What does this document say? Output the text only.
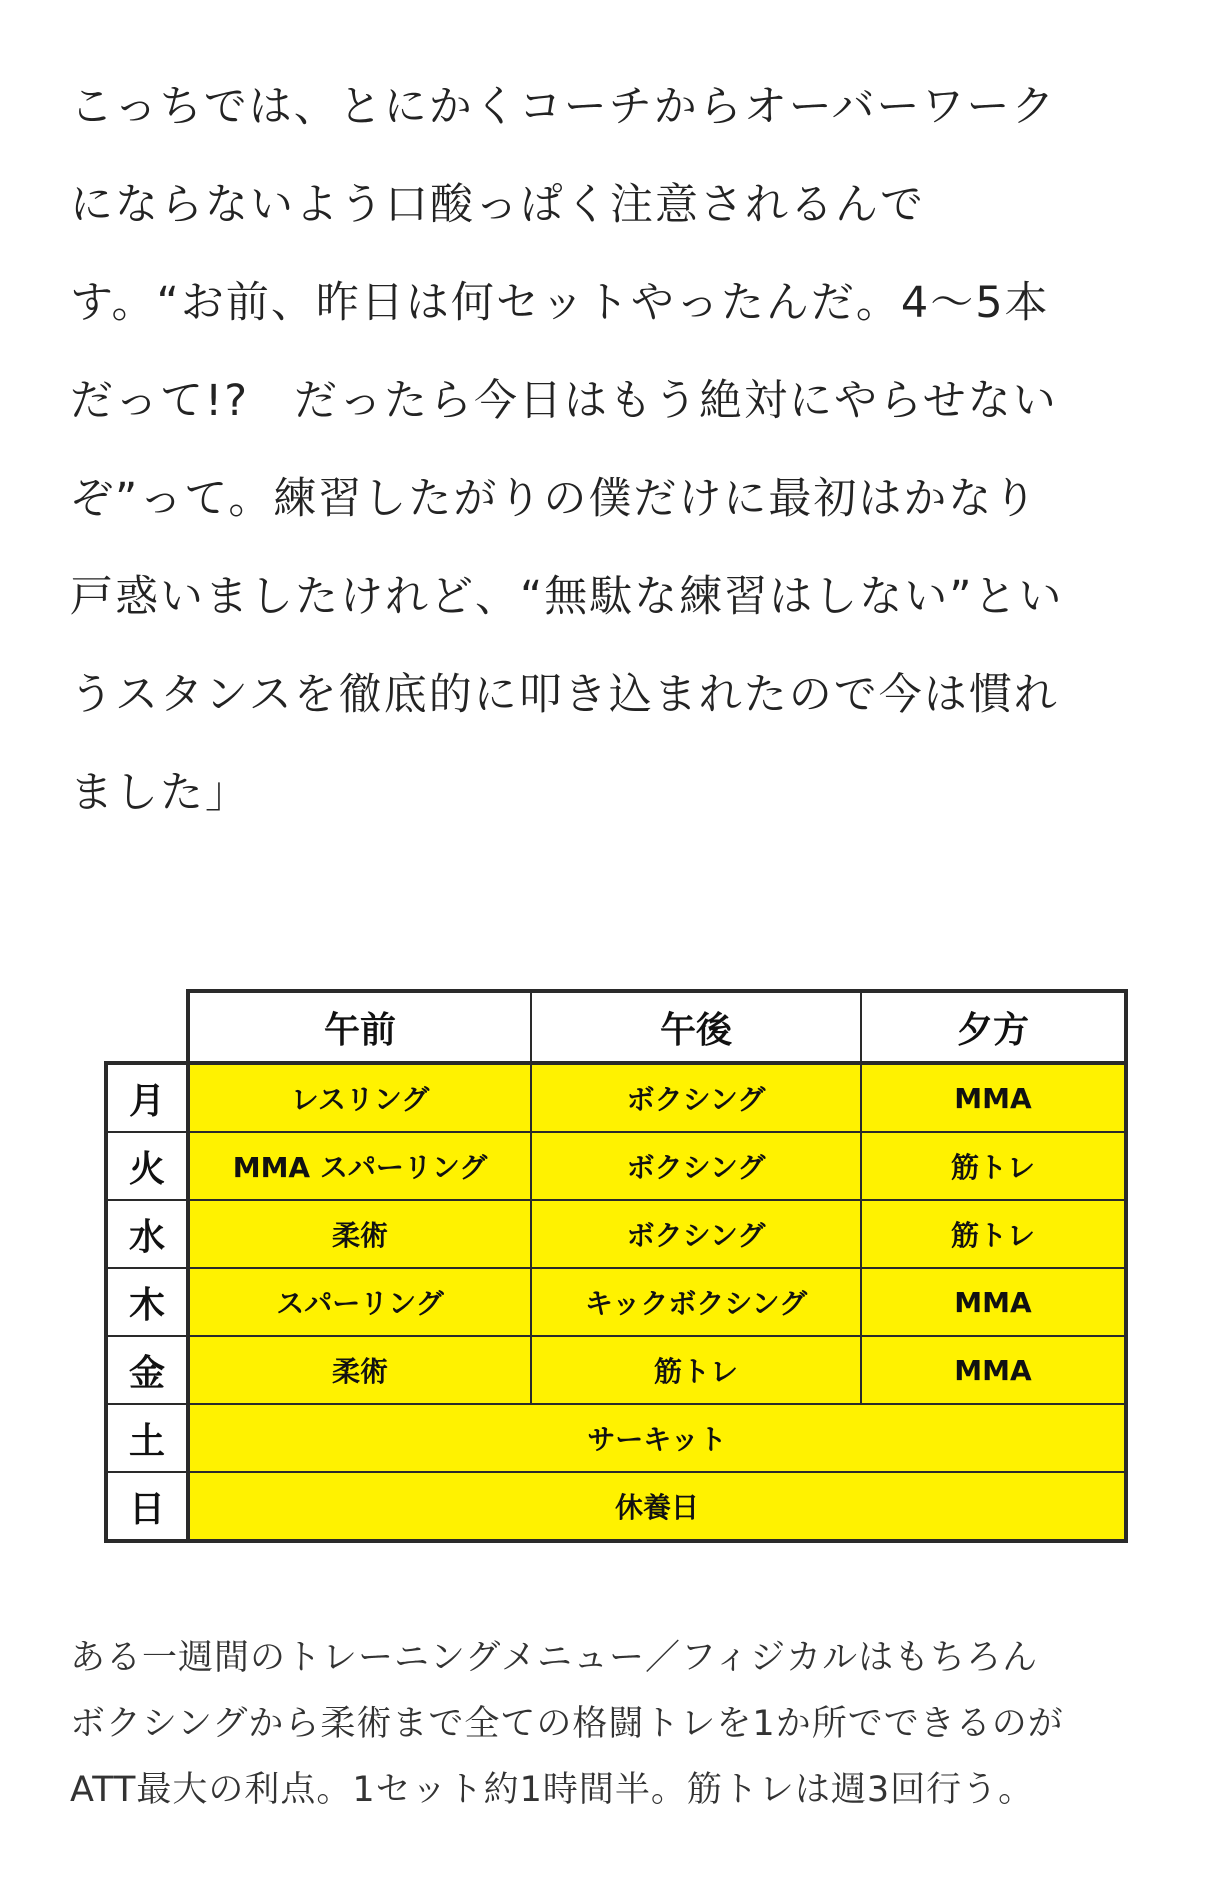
こっちでは、とにかくコーチからオーバーワーク
にならないよう口酸っぱく注意されるんで
す。“お前、昨日は何セットやったんだ。4〜5本
だって!?　だったら今日はもう絶対にやらせない
ぞ”って。練習したがりの僕だけに最初はかなり
戸惑いましたけれど、“無駄な練習はしない”とい
うスタンスを徹底的に叩き込まれたので今は慣れ
ました」
	午前	午後	夕方
月	レスリング	ボクシング	MMA
火	MMA スパーリング	ボクシング	筋トレ
水	柔術	ボクシング	筋トレ
木	スパーリング	キックボクシング	MMA
金	柔術	筋トレ	MMA
土	サーキット		
日	休養日		
ある一週間のトレーニングメニュー／フィジカルはもちろん
ボクシングから柔術まで全ての格闘トレを1か所でできるのが
ATT最大の利点。1セット約1時間半。筋トレは週3回行う。
